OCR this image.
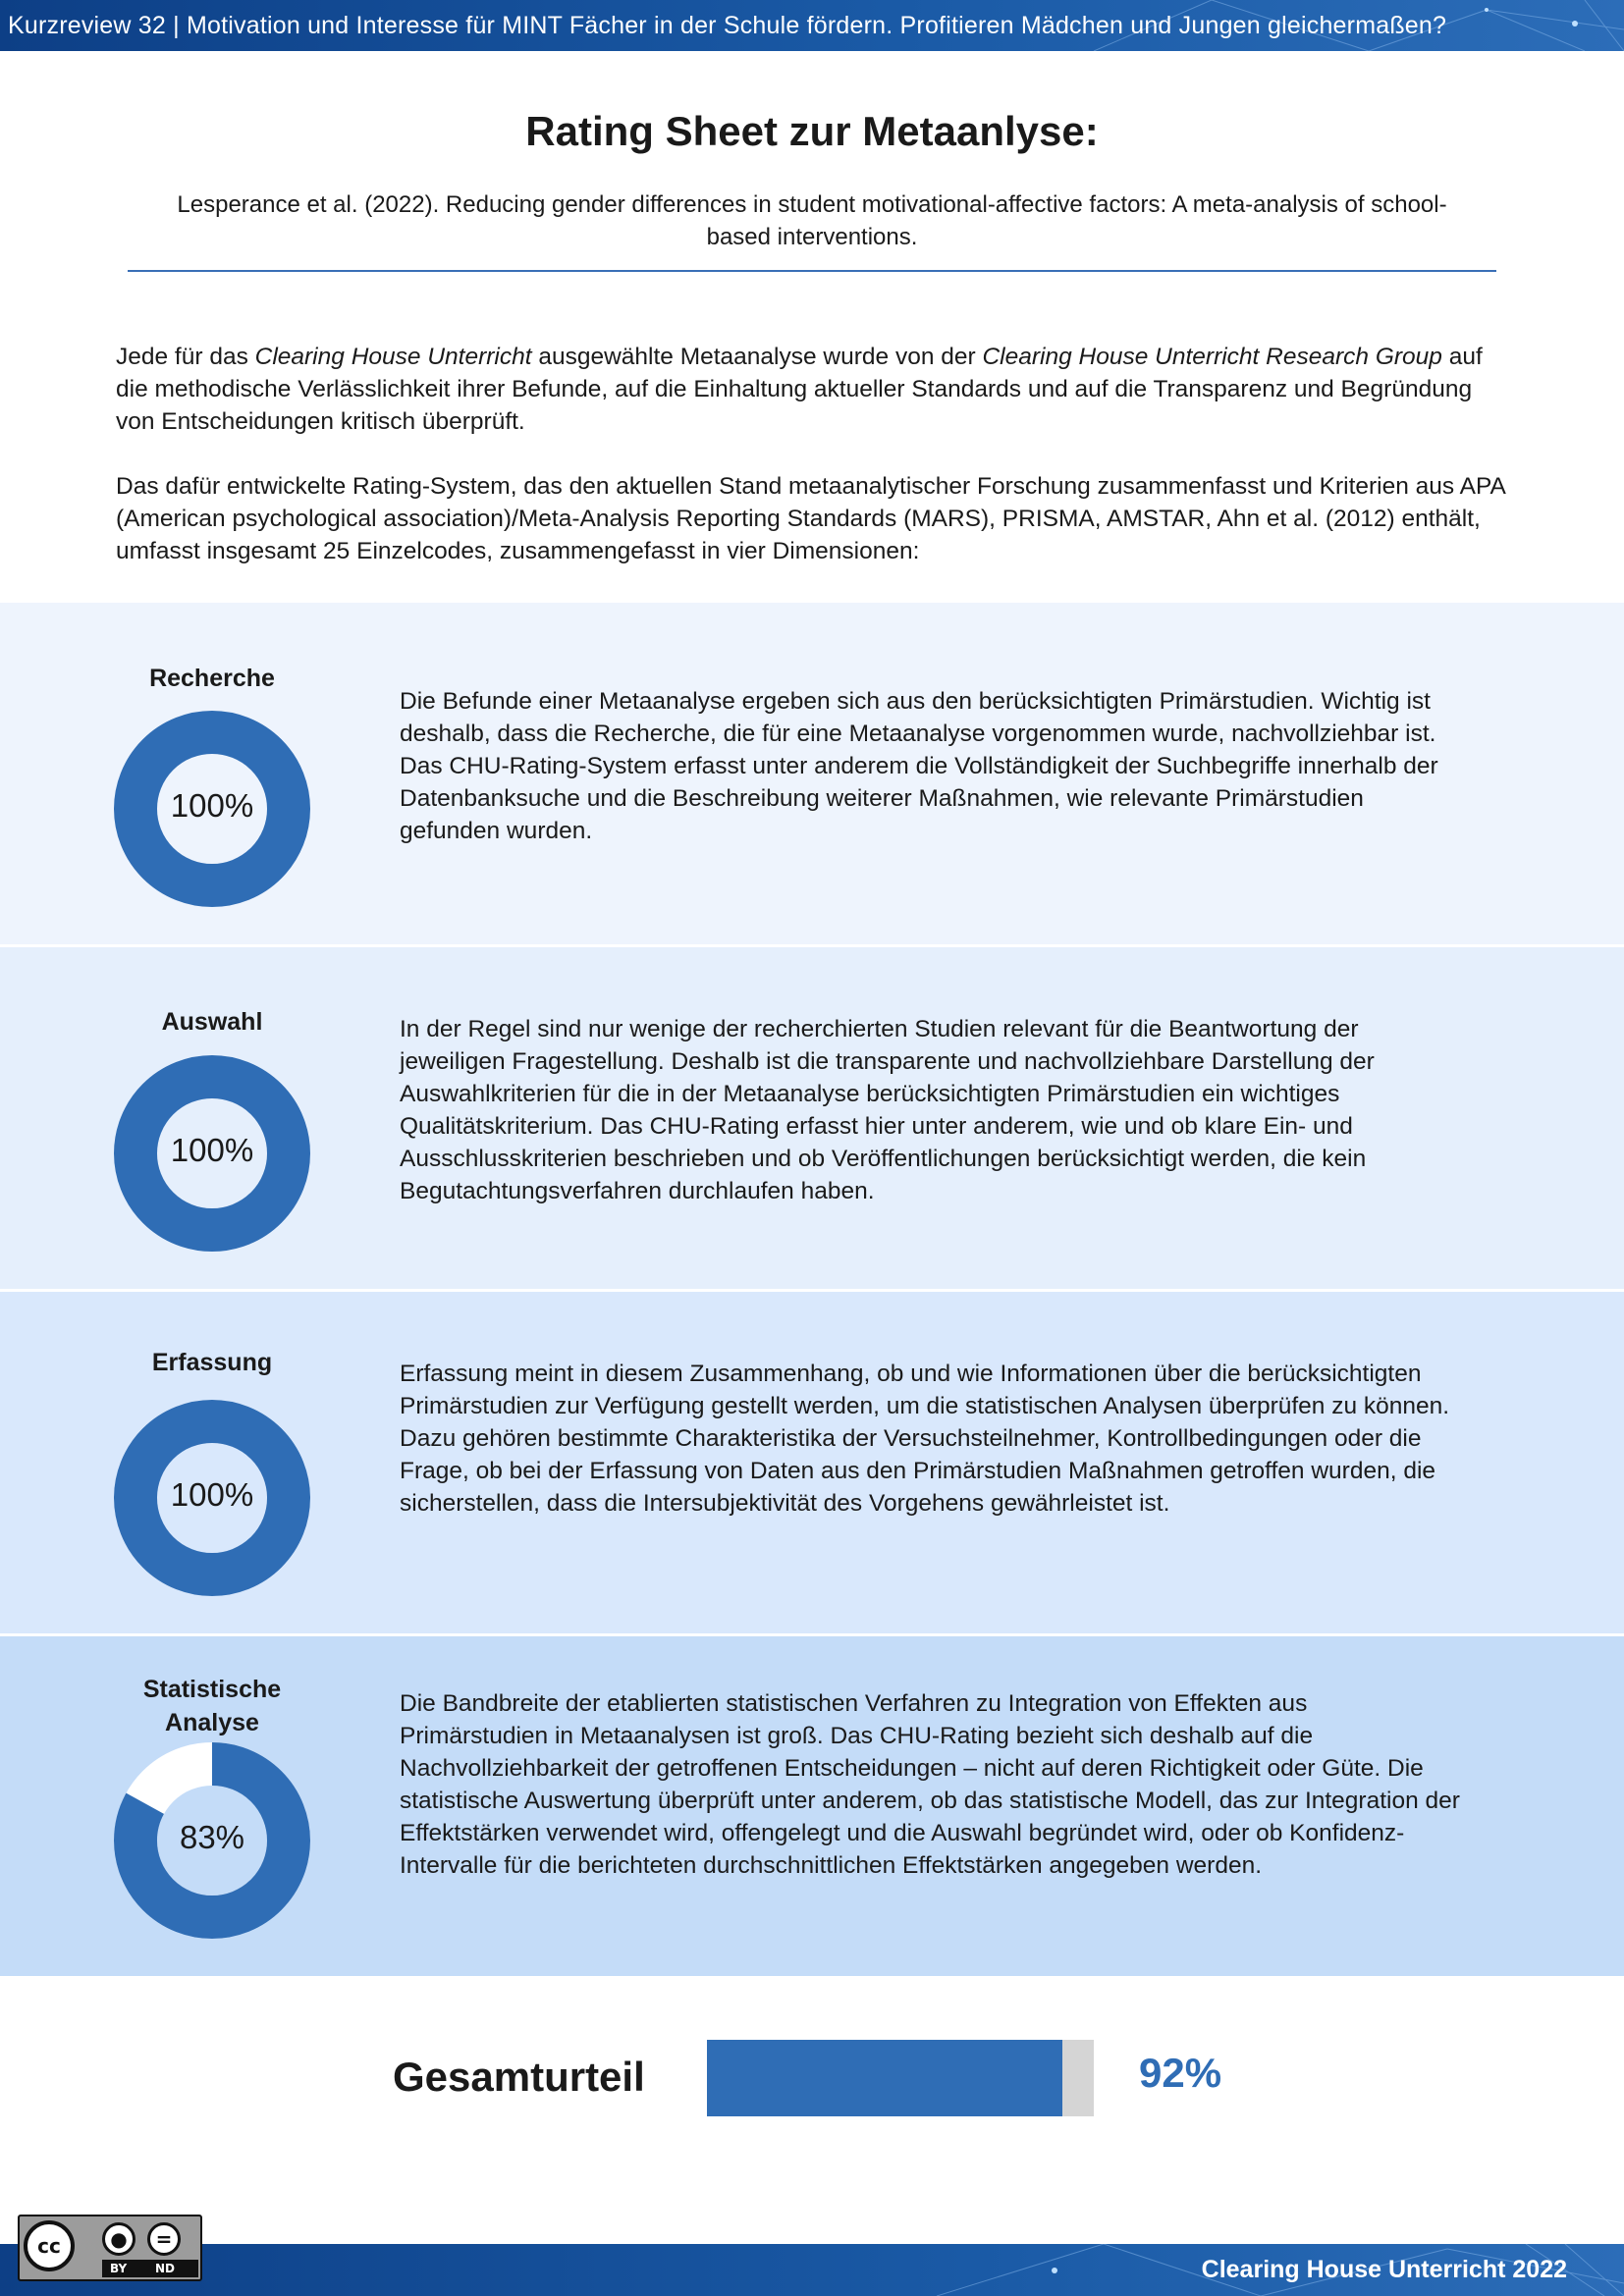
Kurzreview 32 | Motivation und Interesse für MINT Fächer in der Schule fördern. Profitieren Mädchen und Jungen gleichermaßen?
Rating Sheet zur Metaanlyse:
Lesperance et al. (2022). Reducing gender differences in student motivational-affective factors: A meta-analysis of school-based interventions.
Jede für das Clearing House Unterricht ausgewählte Metaanalyse wurde von der Clearing House Unterricht Research Group auf die methodische Verlässlichkeit ihrer Befunde, auf die Einhaltung aktueller Standards und auf die Transparenz und Begründung von Entscheidungen kritisch überprüft.
Das dafür entwickelte Rating-System, das den aktuellen Stand metaanalytischer Forschung zusammenfasst und Kriterien aus APA (American psychological association)/Meta-Analysis Reporting Standards (MARS), PRISMA, AMSTAR, Ahn et al. (2012) enthält, umfasst insgesamt 25 Einzelcodes, zusammengefasst in vier Dimensionen:
Recherche
100%
Die Befunde einer Metaanalyse ergeben sich aus den berücksichtigten Primärstudien. Wichtig ist deshalb, dass die Recherche, die für eine Metaanalyse vorgenommen wurde, nachvollziehbar ist. Das CHU-Rating-System erfasst unter anderem die Vollständigkeit der Suchbegriffe innerhalb der Datenbanksuche und die Beschreibung weiterer Maßnahmen, wie relevante Primärstudien gefunden wurden.
Auswahl
100%
In der Regel sind nur wenige der recherchierten Studien relevant für die Beantwortung der jeweiligen Fragestellung. Deshalb ist die transparente und nachvollziehbare Darstellung der Auswahlkriterien für die in der Metaanalyse berücksichtigten Primärstudien ein wichtiges Qualitätskriterium. Das CHU-Rating erfasst hier unter anderem, wie und ob klare Ein- und Ausschlusskriterien beschrieben und ob Veröffentlichungen berücksichtigt werden, die kein Begutachtungsverfahren durchlaufen haben.
Erfassung
100%
Erfassung meint in diesem Zusammenhang, ob und wie Informationen über die berücksichtigten Primärstudien zur Verfügung gestellt werden, um die statistischen Analysen überprüfen zu können. Dazu gehören bestimmte Charakteristika der Versuchsteilnehmer, Kontrollbedingungen oder die Frage, ob bei der Erfassung von Daten aus den Primärstudien Maßnahmen getroffen wurden, die sicherstellen, dass die Intersubjektivität des Vorgehens gewährleistet ist.
Statistische
Analyse
83%
Die Bandbreite der etablierten statistischen Verfahren zu Integration von Effekten aus Primärstudien in Metaanalysen ist groß. Das CHU-Rating bezieht sich deshalb auf die Nachvollziehbarkeit der getroffenen Entscheidungen – nicht auf deren Richtigkeit oder Güte. Die statistische Auswertung überprüft unter anderem, ob das statistische Modell, das zur Integration der Effektstärken verwendet wird, offengelegt und die Auswahl begründet wird, oder ob Konfidenz-Intervalle für die berichteten durchschnittlichen Effektstärken angegeben werden.
Gesamturteil	92%
Clearing House Unterricht 2022
cc	●	=
BY ND
